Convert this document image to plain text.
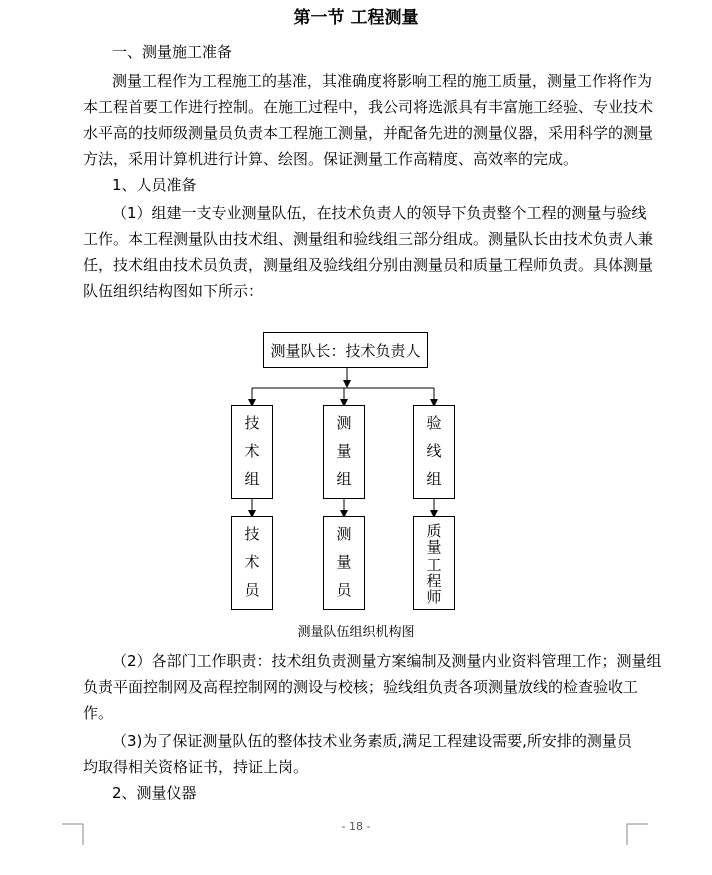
第一节 工程测量
一、测量施工准备
测量工程作为工程施工的基准，其准确度将影响工程的施工质量，测量工作将作为
本工程首要工作进行控制。在施工过程中，我公司将选派具有丰富施工经验、专业技术
水平高的技师级测量员负责本工程施工测量，并配备先进的测量仪器，采用科学的测量
方法，采用计算机进行计算、绘图。保证测量工作高精度、高效率的完成。
1、人员准备
（1）组建一支专业测量队伍，在技术负责人的领导下负责整个工程的测量与验线
工作。本工程测量队由技术组、测量组和验线组三部分组成。测量队长由技术负责人兼
任，技术组由技术员负责，测量组及验线组分别由测量员和质量工程师负责。具体测量
队伍组织结构图如下所示：
测量队长：技术负责人
技
术
组
测
量
组
验
线
组
技
术
员
测
量
员
质
量
工
程
师
测量队伍组织机构图
（2）各部门工作职责：技术组负责测量方案编制及测量内业资料管理工作；测量组
负责平面控制网及高程控制网的测设与校核；验线组负责各项测量放线的检查验收工
作。
（3)为了保证测量队伍的整体技术业务素质,满足工程建设需要,所安排的测量员
均取得相关资格证书，持证上岗。
2、测量仪器
- 18 -
